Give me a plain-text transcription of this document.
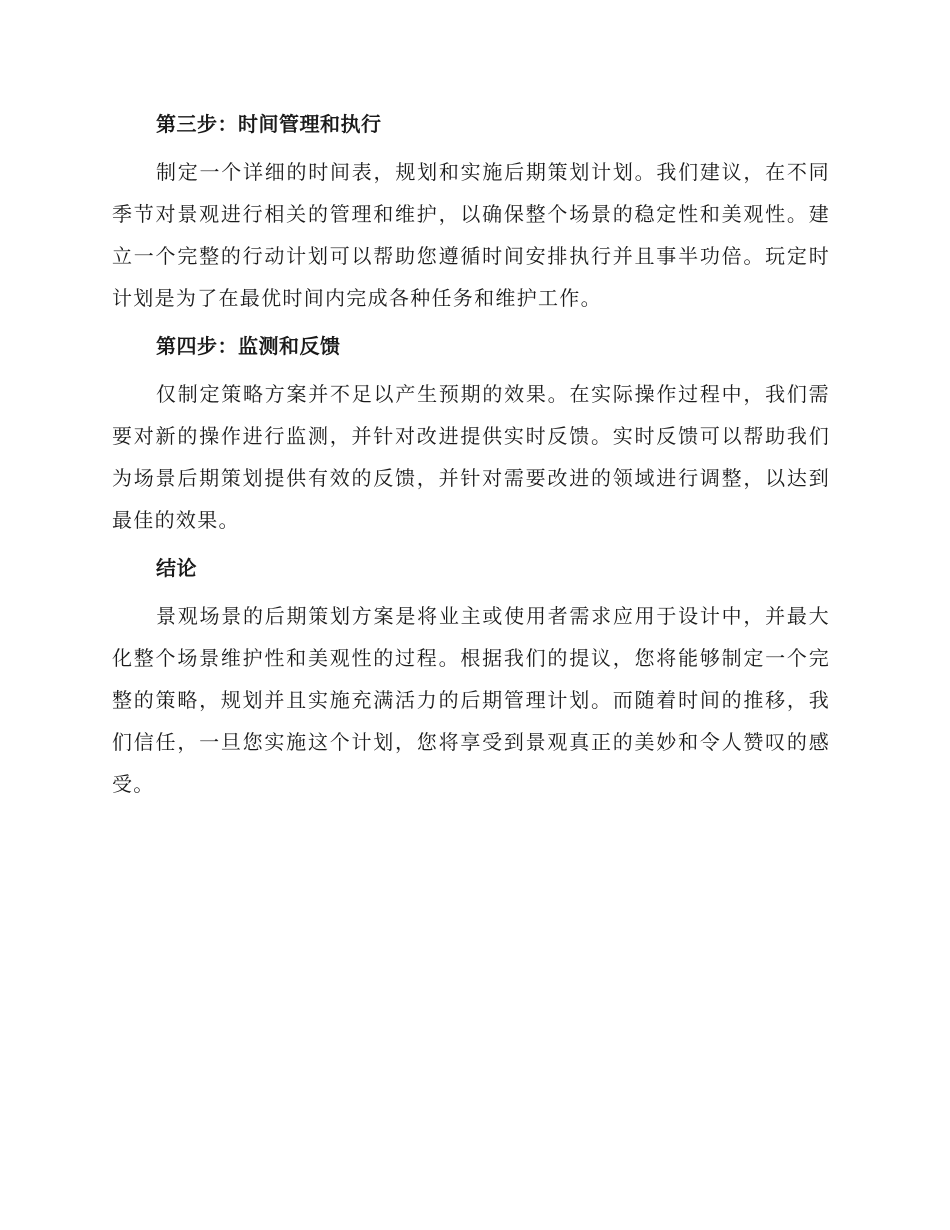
第三步：时间管理和执行
制定一个详细的时间表，规划和实施后期策划计划。我们建议，在不同季节对景观进行相关的管理和维护，以确保整个场景的稳定性和美观性。建立一个完整的行动计划可以帮助您遵循时间安排执行并且事半功倍。玩定时计划是为了在最优时间内完成各种任务和维护工作。
第四步：监测和反馈
仅制定策略方案并不足以产生预期的效果。在实际操作过程中，我们需要对新的操作进行监测，并针对改进提供实时反馈。实时反馈可以帮助我们为场景后期策划提供有效的反馈，并针对需要改进的领域进行调整，以达到最佳的效果。
结论
景观场景的后期策划方案是将业主或使用者需求应用于设计中，并最大化整个场景维护性和美观性的过程。根据我们的提议，您将能够制定一个完整的策略，规划并且实施充满活力的后期管理计划。而随着时间的推移，我们信任，一旦您实施这个计划，您将享受到景观真正的美妙和令人赞叹的感受。
